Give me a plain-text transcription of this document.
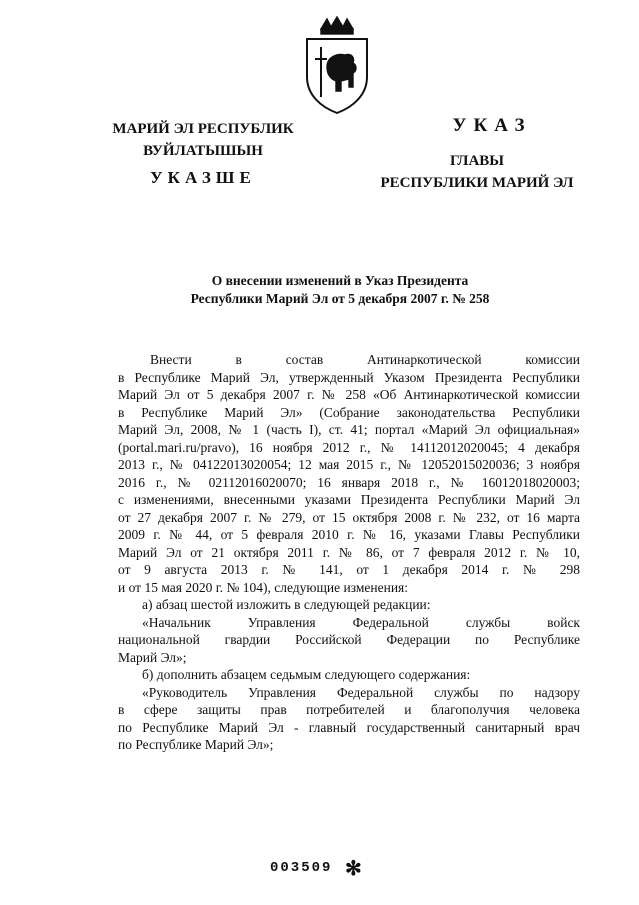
МАРИЙ ЭЛ РЕСПУБЛИК
ВУЙЛАТЫШЫН
УКАЗШЕ
УКАЗ
ГЛАВЫ
РЕСПУБЛИКИ МАРИЙ ЭЛ
О внесении изменений в Указ Президента
Республики Марий Эл от 5 декабря 2007 г. № 258

Внести в состав Антинаркотической комиссии

в Республике Марий Эл, утвержденный Указом Президента Республики

Марий Эл от 5 декабря 2007 г. № 258 «Об Антинаркотической комиссии

в Республике Марий Эл» (Собрание законодательства Республики

Марий Эл, 2008, № 1 (часть I), ст. 41; портал «Марий Эл официальная»

(portal.mari.ru/pravo), 16 ноября 2012 г., № 14112012020045; 4 декабря

2013 г., № 04122013020054; 12 мая 2015 г., № 12052015020036; 3 ноября

2016 г., № 02112016020070; 16 января 2018 г., № 16012018020003;

с изменениями, внесенными указами Президента Республики Марий Эл

от 27 декабря 2007 г. № 279, от 15 октября 2008 г. № 232, от 16 марта

2009 г. № 44, от 5 февраля 2010 г. № 16, указами Главы Республики

Марий Эл от 21 октября 2011 г. № 86, от 7 февраля 2012 г. № 10,

от 9 августа 2013 г. № 141, от 1 декабря 2014 г. № 298

и от 15 мая 2020 г. № 104), следующие изменения:

а) абзац шестой изложить в следующей редакции:

«Начальник Управления Федеральной службы войск

национальной гвардии Российской Федерации по Республике

Марий Эл»;

б) дополнить абзацем седьмым следующего содержания:

«Руководитель Управления Федеральной службы по надзору

в сфере защиты прав потребителей и благополучия человека

по Республике Марий Эл - главный государственный санитарный врач

по Республике Марий Эл»;

003509 ✻
